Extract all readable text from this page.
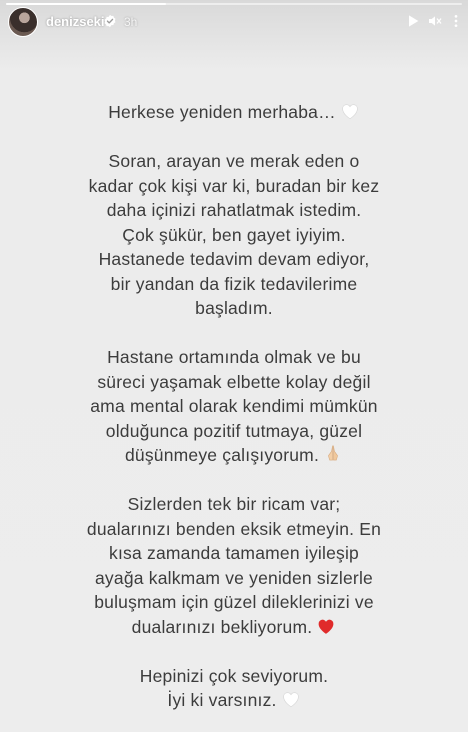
denizseki 3h

Herkese yeniden merhaba…

Soran, arayan ve merak eden o
kadar çok kişi var ki, buradan bir kez
daha içinizi rahatlatmak istedim.
Çok şükür, ben gayet iyiyim.
Hastanede tedavim devam ediyor,
bir yandan da fizik tedavilerime
başladım.

Hastane ortamında olmak ve bu
süreci yaşamak elbette kolay değil
ama mental olarak kendimi mümkün
olduğunca pozitif tutmaya, güzel
düşünmeye çalışıyorum.

Sizlerden tek bir ricam var;
dualarınızı benden eksik etmeyin. En
kısa zamanda tamamen iyileşip
ayağa kalkmam ve yeniden sizlerle
buluşmam için güzel dileklerinizi ve
dualarınızı bekliyorum.

Hepinizi çok seviyorum.
İyi ki varsınız.
